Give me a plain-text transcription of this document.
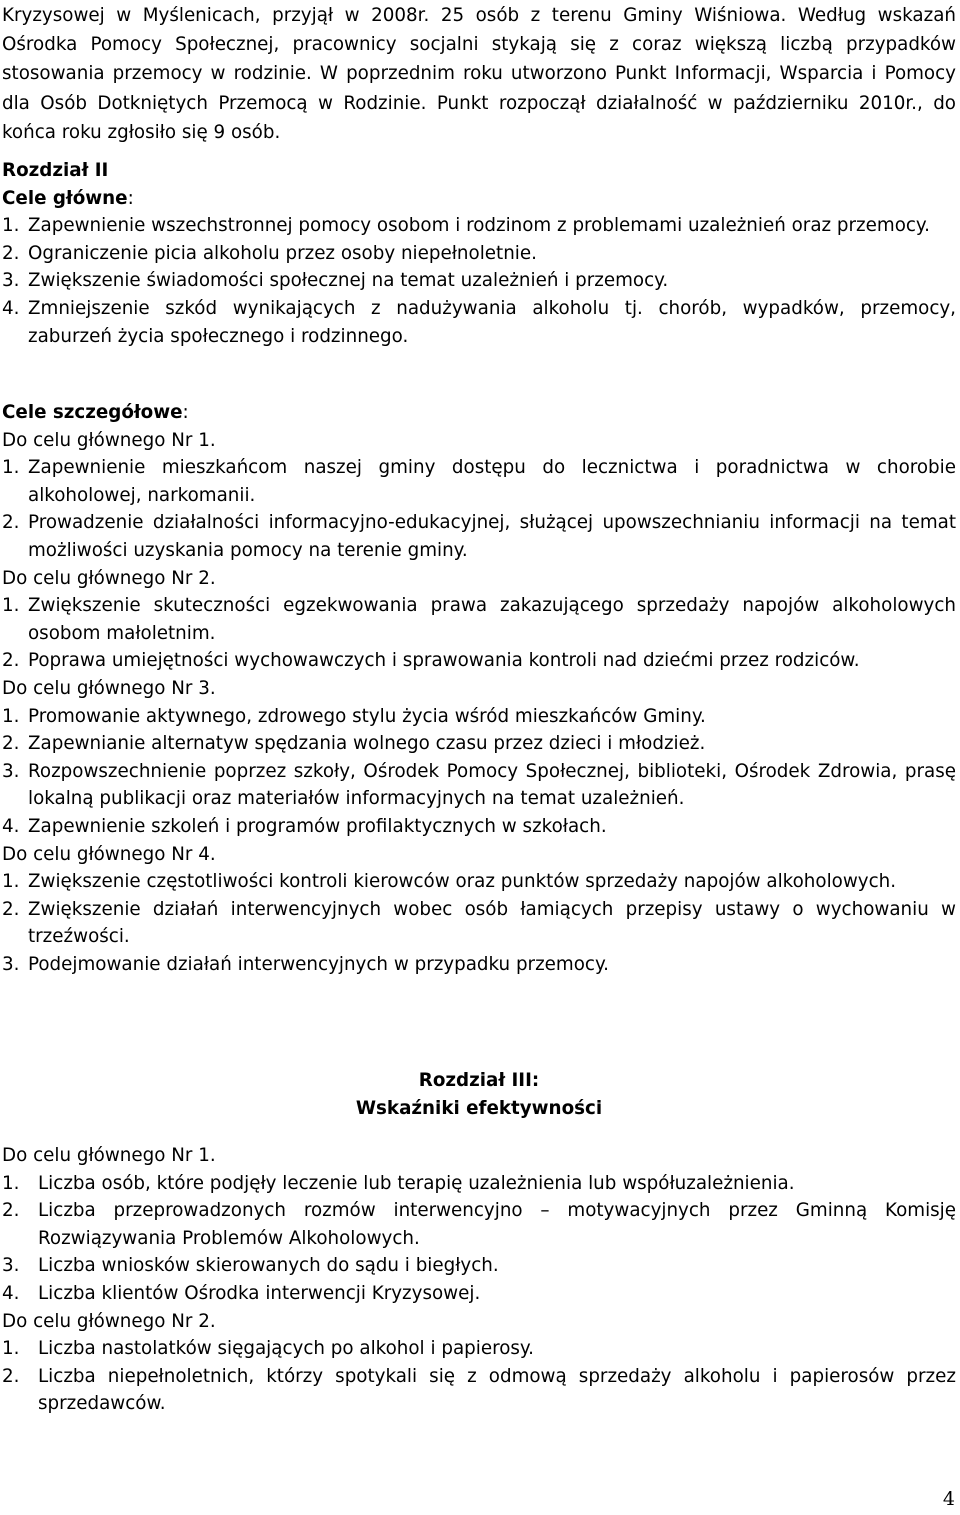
Kryzysowej w Myślenicach, przyjął w 2008r. 25 osób z terenu Gminy Wiśniowa. Według wskazań Ośrodka Pomocy Społecznej, pracownicy socjalni stykają się z coraz większą liczbą przypadków stosowania przemocy w rodzinie. W poprzednim roku utworzono Punkt Informacji, Wsparcia i Pomocy dla Osób Dotkniętych Przemocą w Rodzinie. Punkt rozpoczął działalność w październiku 2010r., do końca roku zgłosiło się 9 osób.
Rozdział II
Cele główne:
1. Zapewnienie wszechstronnej pomocy osobom i rodzinom z problemami uzależnień oraz przemocy.
2. Ograniczenie picia alkoholu przez osoby niepełnoletnie.
3. Zwiększenie świadomości społecznej na temat uzależnień i przemocy.
4. Zmniejszenie szkód wynikających z nadużywania alkoholu tj. chorób, wypadków, przemocy, zaburzeń życia społecznego i rodzinnego.
Cele szczegółowe:
Do celu głównego Nr 1.
1. Zapewnienie mieszkańcom naszej gminy dostępu do lecznictwa i poradnictwa w chorobie alkoholowej, narkomanii.
2. Prowadzenie działalności informacyjno-edukacyjnej, służącej upowszechnianiu informacji na temat możliwości uzyskania pomocy na terenie gminy.
Do celu głównego Nr 2.
1. Zwiększenie skuteczności egzekwowania prawa zakazującego sprzedaży napojów alkoholowych osobom małoletnim.
2. Poprawa umiejętności wychowawczych i sprawowania kontroli nad dziećmi przez rodziców.
Do celu głównego Nr 3.
1. Promowanie aktywnego, zdrowego stylu życia wśród mieszkańców Gminy.
2. Zapewnianie alternatyw spędzania wolnego czasu przez dzieci i młodzież.
3. Rozpowszechnienie poprzez szkoły, Ośrodek Pomocy Społecznej, biblioteki, Ośrodek Zdrowia, prasę lokalną publikacji oraz materiałów informacyjnych na temat uzależnień.
4. Zapewnienie szkoleń i programów profilaktycznych w szkołach.
Do celu głównego Nr 4.
1. Zwiększenie częstotliwości kontroli kierowców oraz punktów sprzedaży napojów alkoholowych.
2. Zwiększenie działań interwencyjnych wobec osób łamiących przepisy ustawy o wychowaniu w trzeźwości.
3. Podejmowanie działań interwencyjnych w przypadku przemocy.
Rozdział III:
Wskaźniki efektywności
Do celu głównego Nr 1.
1.	Liczba osób, które podjęły leczenie lub terapię uzależnienia lub współuzależnienia.
2.	Liczba przeprowadzonych rozmów interwencyjno – motywacyjnych przez Gminną Komisję Rozwiązywania Problemów Alkoholowych.
3.	Liczba wniosków skierowanych do sądu i biegłych.
4.	Liczba klientów Ośrodka interwencji Kryzysowej.
Do celu głównego Nr 2.
1.	Liczba nastolatków sięgających po alkohol i papierosy.
2.	Liczba niepełnoletnich, którzy spotykali się z odmową sprzedaży alkoholu i papierosów przez sprzedawców.
4
